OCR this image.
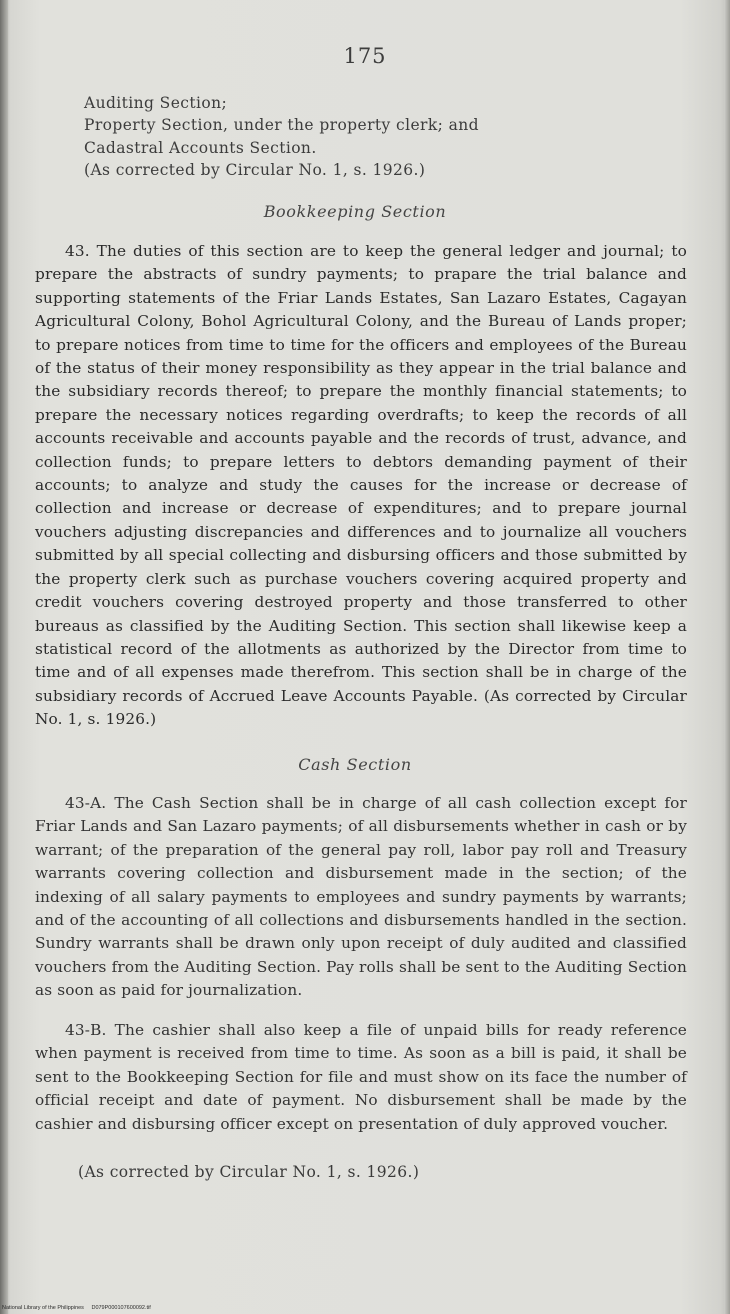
175
Auditing Section;
Property Section, under the property clerk; and
Cadastral Accounts Section.
(As corrected by Circular No. 1, s. 1926.)
Bookkeeping Section
43. The duties of this section are to keep the general ledger and journal; to prepare the abstracts of sundry payments; to prapare the trial balance and supporting statements of the Friar Lands Estates, San Lazaro Estates, Cagayan Agricultural Colony, Bohol Agricultural Colony, and the Bureau of Lands proper; to prepare notices from time to time for the officers and employees of the Bureau of the status of their money responsibility as they appear in the trial balance and the subsidiary records thereof; to prepare the monthly financial statements; to prepare the necessary notices regarding overdrafts; to keep the records of all accounts receivable and accounts payable and the records of trust, advance, and collection funds; to prepare letters to debtors demanding payment of their accounts; to analyze and study the causes for the increase or decrease of collection and increase or decrease of expenditures; and to prepare journal vouchers adjusting discrepancies and differences and to journalize all vouchers submitted by all special collecting and disbursing officers and those submitted by the property clerk such as purchase vouchers covering acquired property and credit vouchers covering destroyed property and those transferred to other bureaus as classified by the Auditing Section. This section shall likewise keep a statistical record of the allotments as authorized by the Director from time to time and of all expenses made therefrom. This section shall be in charge of the subsidiary records of Accrued Leave Accounts Payable. (As corrected by Circular No. 1, s. 1926.)
Cash Section
43-A. The Cash Section shall be in charge of all cash collection except for Friar Lands and San Lazaro payments; of all disbursements whether in cash or by warrant; of the preparation of the general pay roll, labor pay roll and Treasury warrants covering collection and disbursement made in the section; of the indexing of all salary payments to employees and sundry payments by warrants; and of the accounting of all collections and disbursements handled in the section. Sundry warrants shall be drawn only upon receipt of duly audited and classified vouchers from the Auditing Section. Pay rolls shall be sent to the Auditing Section as soon as paid for journalization.
43-B. The cashier shall also keep a file of unpaid bills for ready reference when payment is received from time to time. As soon as a bill is paid, it shall be sent to the Bookkeeping Section for file and must show on its face the number of official receipt and date of payment. No disbursement shall be made by the cashier and disbursing officer except on presentation of duly approved voucher.
(As corrected by Circular No. 1, s. 1926.)
National Library of the Philippines D079P000107600092.tif
